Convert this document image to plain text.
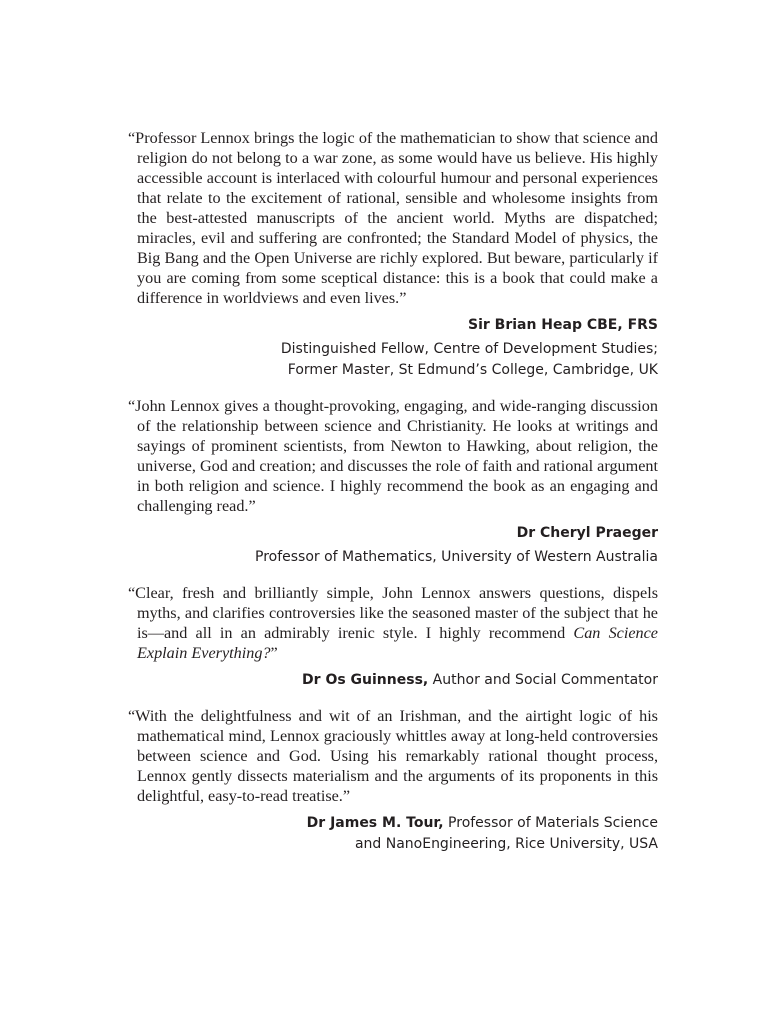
“Professor Lennox brings the logic of the mathematician to show that science and religion do not belong to a war zone, as some would have us believe. His highly accessible account is interlaced with colourful humour and personal experiences that relate to the excitement of rational, sensible and wholesome insights from the best-attested manuscripts of the ancient world. Myths are dispatched; miracles, evil and suffering are confronted; the Standard Model of physics, the Big Bang and the Open Universe are richly explored. But beware, particularly if you are coming from some sceptical distance: this is a book that could make a difference in worldviews and even lives.”

Sir Brian Heap CBE, FRS

Distinguished Fellow, Centre of Development Studies;

Former Master, St Edmund’s College, Cambridge, UK

“John Lennox gives a thought-provoking, engaging, and wide-ranging discussion of the relationship between science and Christianity. He looks at writings and sayings of prominent scientists, from Newton to Hawking, about religion, the universe, God and creation; and discusses the role of faith and rational argument in both religion and science. I highly recommend the book as an engaging and challenging read.”

Dr Cheryl Praeger

Professor of Mathematics, University of Western Australia

“Clear, fresh and brilliantly simple, John Lennox answers questions, dispels myths, and clarifies controversies like the seasoned master of the subject that he is—and all in an admirably irenic style. I highly recommend Can Science Explain Everything?”

Dr Os Guinness, Author and Social Commentator

“With the delightfulness and wit of an Irishman, and the airtight logic of his mathematical mind, Lennox graciously whittles away at long-held controversies between science and God. Using his remarkably rational thought process, Lennox gently dissects materialism and the arguments of its proponents in this delightful, easy-to-read treatise.”

Dr James M. Tour, Professor of Materials Science

and NanoEngineering, Rice University, USA
